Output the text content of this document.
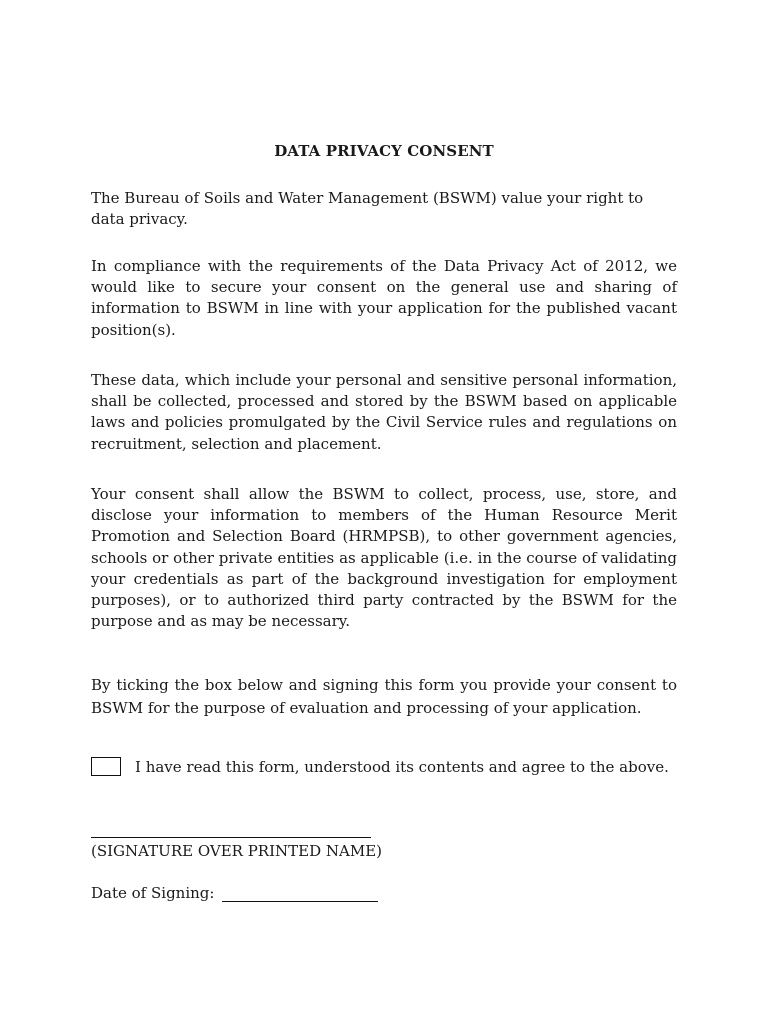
DATA PRIVACY CONSENT

The Bureau of Soils and Water Management (BSWM) value your right to data privacy.

In compliance with the requirements of the Data Privacy Act of 2012, we would like to secure your consent on the general use and sharing of information to BSWM in line with your application for the published vacant position(s).

These data, which include your personal and sensitive personal information, shall be collected, processed and stored by the BSWM based on applicable laws and policies promulgated by the Civil Service rules and regulations on recruitment, selection and placement.

Your consent shall allow the BSWM to collect, process, use, store, and disclose your information to members of the Human Resource Merit Promotion and Selection Board (HRMPSB), to other government agencies, schools or other private entities as applicable (i.e. in the course of validating your credentials as part of the background investigation for employment purposes), or to authorized third party contracted by the BSWM for the purpose and as may be necessary.

By ticking the box below and signing this form you provide your consent to BSWM for the purpose of evaluation and processing of your application.

I have read this form, understood its contents and agree to the above.
(SIGNATURE OVER PRINTED NAME)
Date of Signing:
